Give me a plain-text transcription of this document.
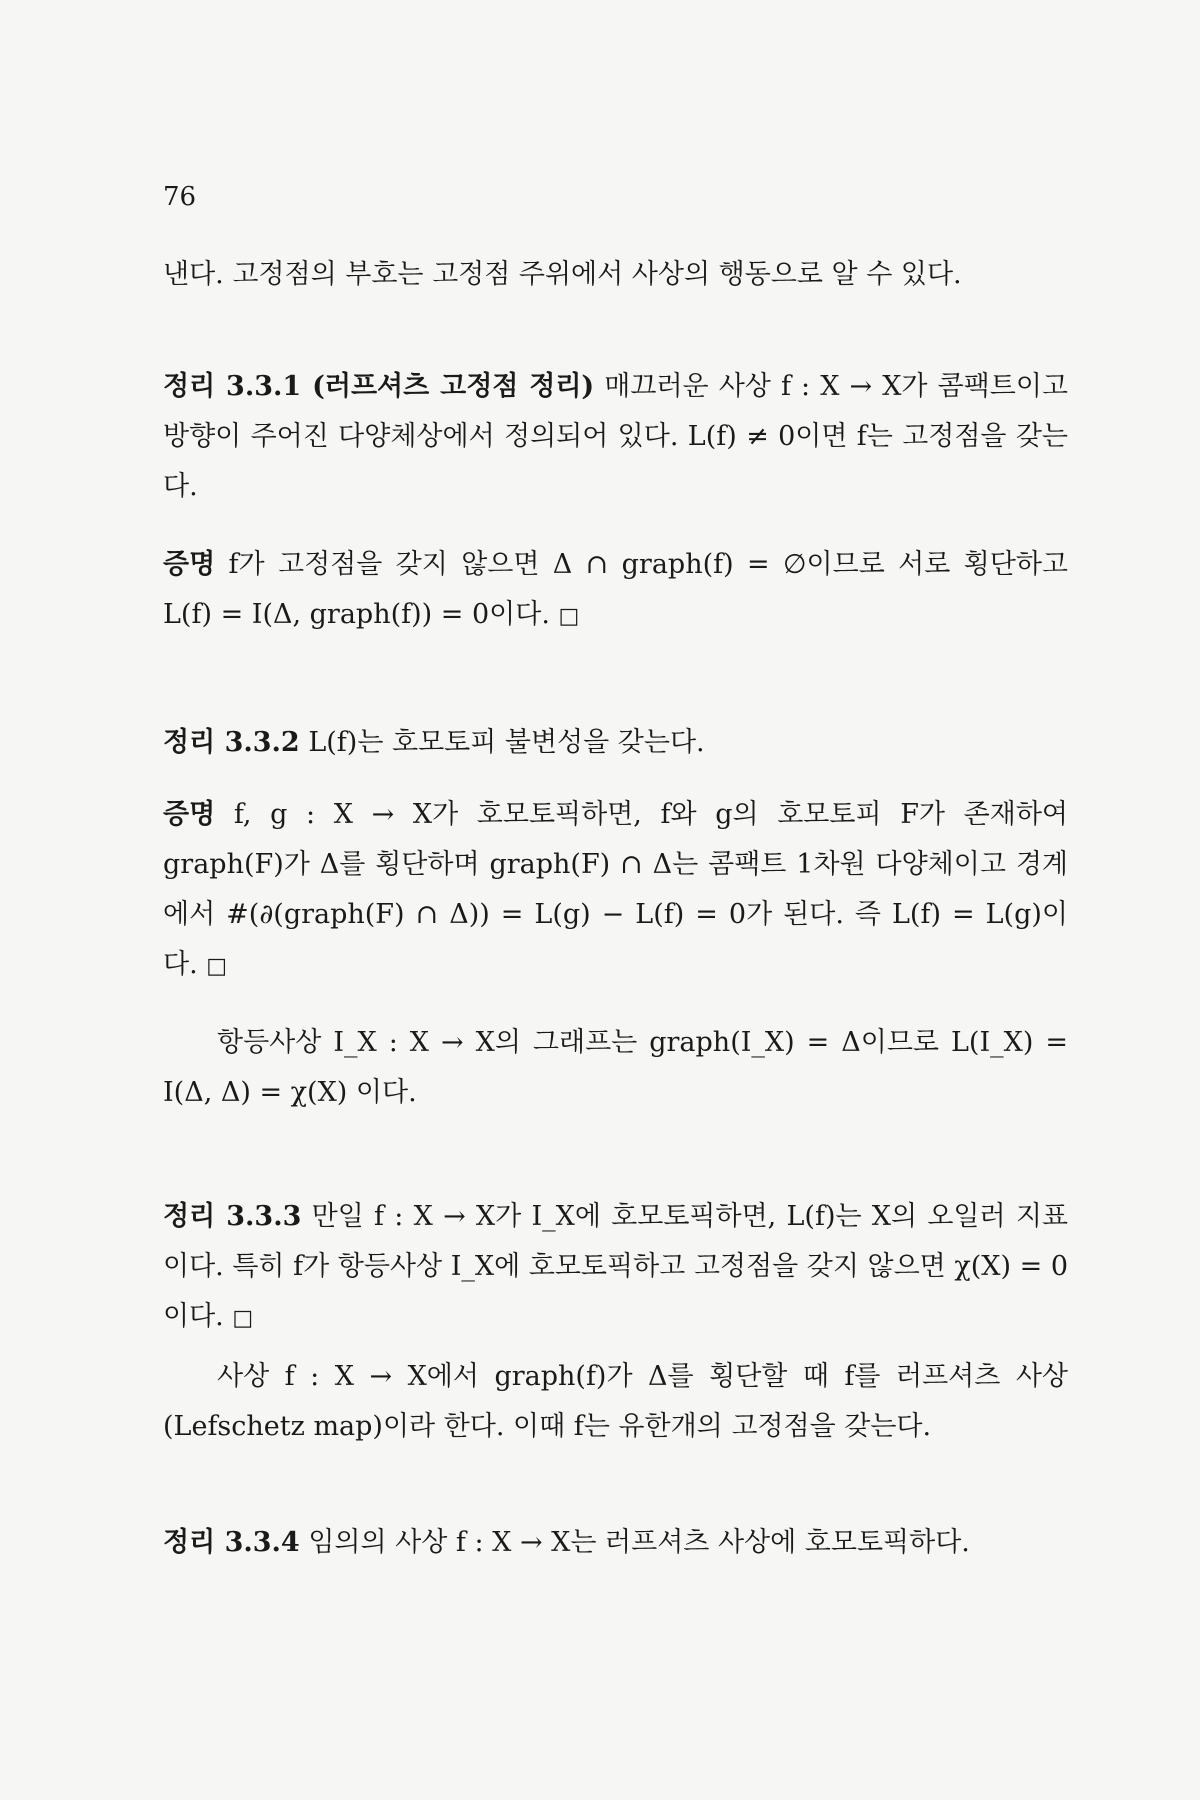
76

낸다. 고정점의 부호는 고정점 주위에서 사상의 행동으로 알 수 있다.

정리 3.3.1 (러프셔츠 고정점 정리) 매끄러운 사상 f : X → X가 콤팩트이고 방향이 주어진 다양체상에서 정의되어 있다. L(f) ≠ 0이면 f는 고정점을 갖는다.

증명 f가 고정점을 갖지 않으면 Δ ∩ graph(f) = ∅이므로 서로 횡단하고 L(f) = I(Δ, graph(f)) = 0이다. □

정리 3.3.2 L(f)는 호모토피 불변성을 갖는다.

증명 f, g : X → X가 호모토픽하면, f와 g의 호모토피 F가 존재하여 graph(F)가 Δ를 횡단하며 graph(F) ∩ Δ는 콤팩트 1차원 다양체이고 경계에서 #(∂(graph(F) ∩ Δ)) = L(g) − L(f) = 0가 된다. 즉 L(f) = L(g)이다. □

항등사상 I_X : X → X의 그래프는 graph(I_X) = Δ이므로 L(I_X) = I(Δ, Δ) = χ(X) 이다.

정리 3.3.3 만일 f : X → X가 I_X에 호모토픽하면, L(f)는 X의 오일러 지표이다. 특히 f가 항등사상 I_X에 호모토픽하고 고정점을 갖지 않으면 χ(X) = 0이다. □

사상 f : X → X에서 graph(f)가 Δ를 횡단할 때 f를 러프셔츠 사상(Lefschetz map)이라 한다. 이때 f는 유한개의 고정점을 갖는다.

정리 3.3.4 임의의 사상 f : X → X는 러프셔츠 사상에 호모토픽하다.
